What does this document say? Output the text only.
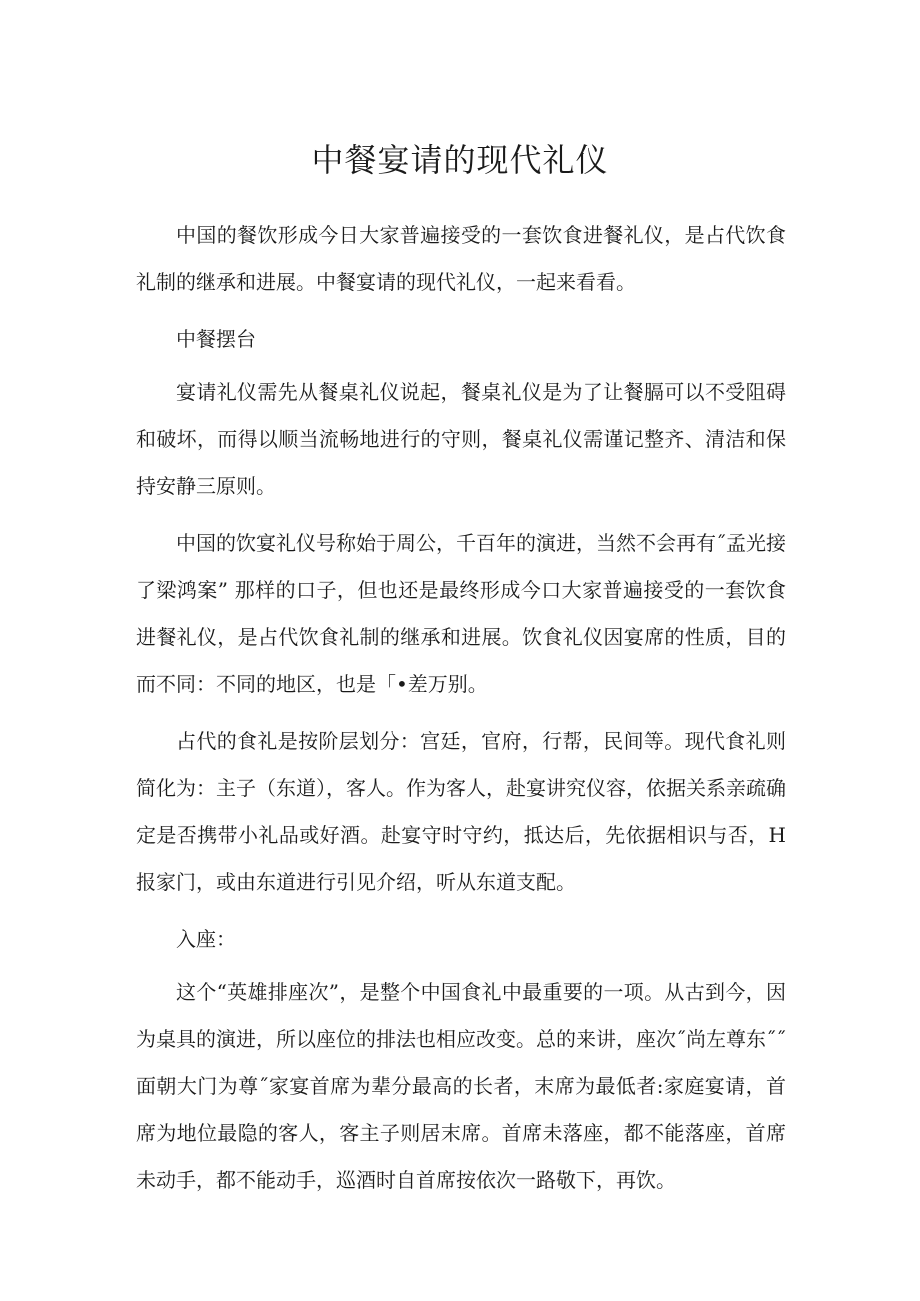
中餐宴请的现代礼仪

中国的餐饮形成今日大家普遍接受的一套饮食进餐礼仪，是占代饮食礼制的继承和进展。中餐宴请的现代礼仪，一起来看看。

中餐摆台

宴请礼仪需先从餐桌礼仪说起，餐桌礼仪是为了让餐膈可以不受阻碍和破坏，而得以顺当流畅地进行的守则，餐桌礼仪需谨记整齐、清洁和保持安静三原则。

中国的饮宴礼仪号称始于周公，千百年的演进，当然不会再有˝孟光接了梁鸿案” 那样的口子，但也还是最终形成今口大家普遍接受的一套饮食进餐礼仪，是占代饮食礼制的继承和进展。饮食礼仪因宴席的性质，目的而不同：不同的地区，也是「•差万别。

占代的食礼是按阶层划分：宫廷，官府，行帮，民间等。现代食礼则简化为：主子（东道），客人。作为客人，赴宴讲究仪容，依据关系亲疏确定是否携带小礼品或好酒。赴宴守时守约，抵达后，先依据相识与否，H报家门，或由东道进行引见介绍，听从东道支配。

入座：

这个“英雄排座次”，是整个中国食礼中最重要的一项。从古到今，因为桌具的演进，所以座位的排法也相应改变。总的来讲，座次˝尚左尊东˝˝面朝大门为尊˝家宴首席为辈分最高的长者，末席为最低者:家庭宴请，首席为地位最隐的客人，客主子则居末席。首席未落座，都不能落座，首席未动手，都不能动手，巡酒时自首席按依次一路敬下，再饮。
